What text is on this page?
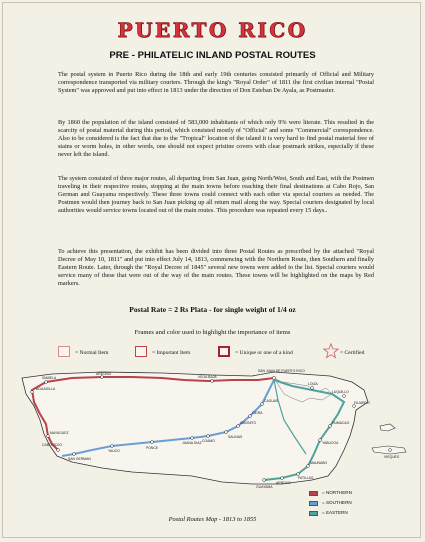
PUERTO RICO
PRE - PHILATELIC INLAND POSTAL ROUTES

The postal system in Puerto Rico during the 18th and early 19th centuries consisted primarily of Official and Military correspondence transported via military couriers. Through the king's "Royal Order" of 1811 the first civilian internal "Postal System" was approved and put into effect in 1813 under the direction of Don Esteban De Ayala, as Postmaster.

By 1860 the population of the island consisted of 583,000 inhabitants of which only 9% were literate. This resulted in the scarcity of postal material during this period, which consisted mostly of "Official" and some "Commercial" correspondence. Also to be considered is the fact that due to the "Tropical" location of the island it is very hard to find postal material free of stains or worm holes, in other words, one should not expect pristine covers with clear postmark strikes, especially if these never left the island.

The system consisted of three major routes, all departing from San Juan, going North/West, South and East, with the Postmen traveling in their respective routes, stopping at the main towns before reaching their final destinations at Cabo Rojo, San German and Guayama respectively. These three towns could connect with each other via special couriers as needed. The Postmen would then journey back to San Juan picking up all return mail along the way. Special couriers designated by local authorities would service towns located out of the main routes. This procedure was repeated every 15 days..

To achieve this presentation, the exhibit has been divided into three Postal Routes as prescribed by the attached "Royal Decree of May 10, 1811" and put into effect July 14, 1813, commencing with the Northern Route, then Southern and finally Eastern Route. Later, through the "Royal Decree of 1845" several new towns were added to the list. Special couriers would service many of these that were out of the way of the main routes. These towns will be highlighted on the maps by Red markers.

Postal Rate = 2 Rs Plata - for single weight of 1/4 oz
Frames and color used to highlight the importance of items
= Normal Item	= Important Item	= Unique or one of a kind	= Certified
ISABELA
AGUADILLA
ARECIBO
VEGA BAJA
SAN JUAN DE PUERTO RICO
LOIZA
LUQUILLO
FAJARDO
MAYAGUEZ
CABO ROJO
SAN GERMAN
YAUCO
PONCE
COAMO
GUAYAMA
CAGUAS
HUMACAO
YABUCOA
MAUNABO
CIDRA
AIBONITO
SALINAS
ARROYO
PATILLAS
JUANA DIAZ
VIEQUES
= NORTHERN
= SOUTHERN
= EASTERN
Postal Routes Map - 1813 to 1855
